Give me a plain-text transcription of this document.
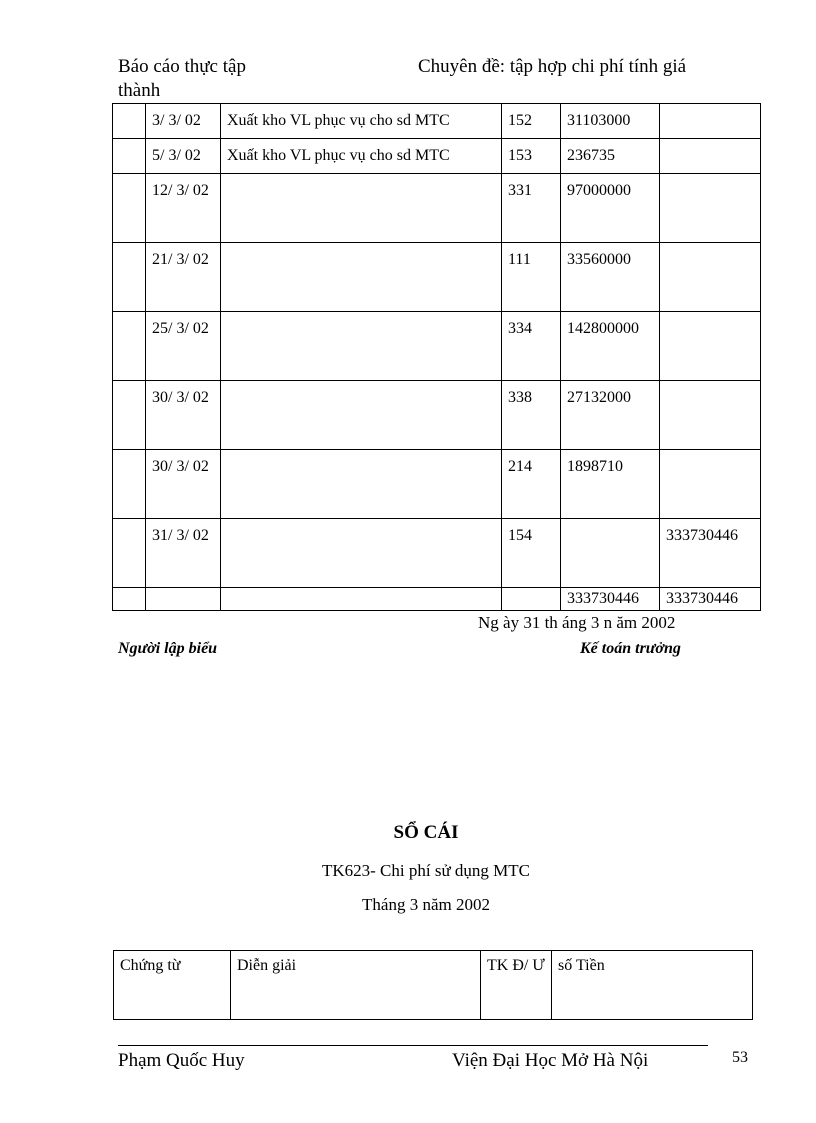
Báo cáo thực tập
thành
Chuyên đề: tập hợp chi phí tính giá
	3/ 3/ 02	Xuất kho VL phục vụ cho sd MTC	152	31103000	
	5/ 3/ 02	Xuất kho VL phục vụ cho sd MTC	153	236735	
	12/ 3/ 02		331	97000000	
	21/ 3/ 02		111	33560000	
	25/ 3/ 02		334	142800000	
	30/ 3/ 02		338	27132000	
	30/ 3/ 02		214	1898710	
	31/ 3/ 02		154		333730446
				333730446	333730446
Ng ày 31 th áng 3 n ăm 2002
Người lập biểu	Kế toán trưởng
SỔ CÁI
TK623- Chi phí sử dụng MTC
Tháng 3 năm 2002
Chứng từ	Diễn giải	TK Đ/ Ư	số Tiền
Phạm Quốc Huy	Viện Đại Học Mở Hà Nội	53
